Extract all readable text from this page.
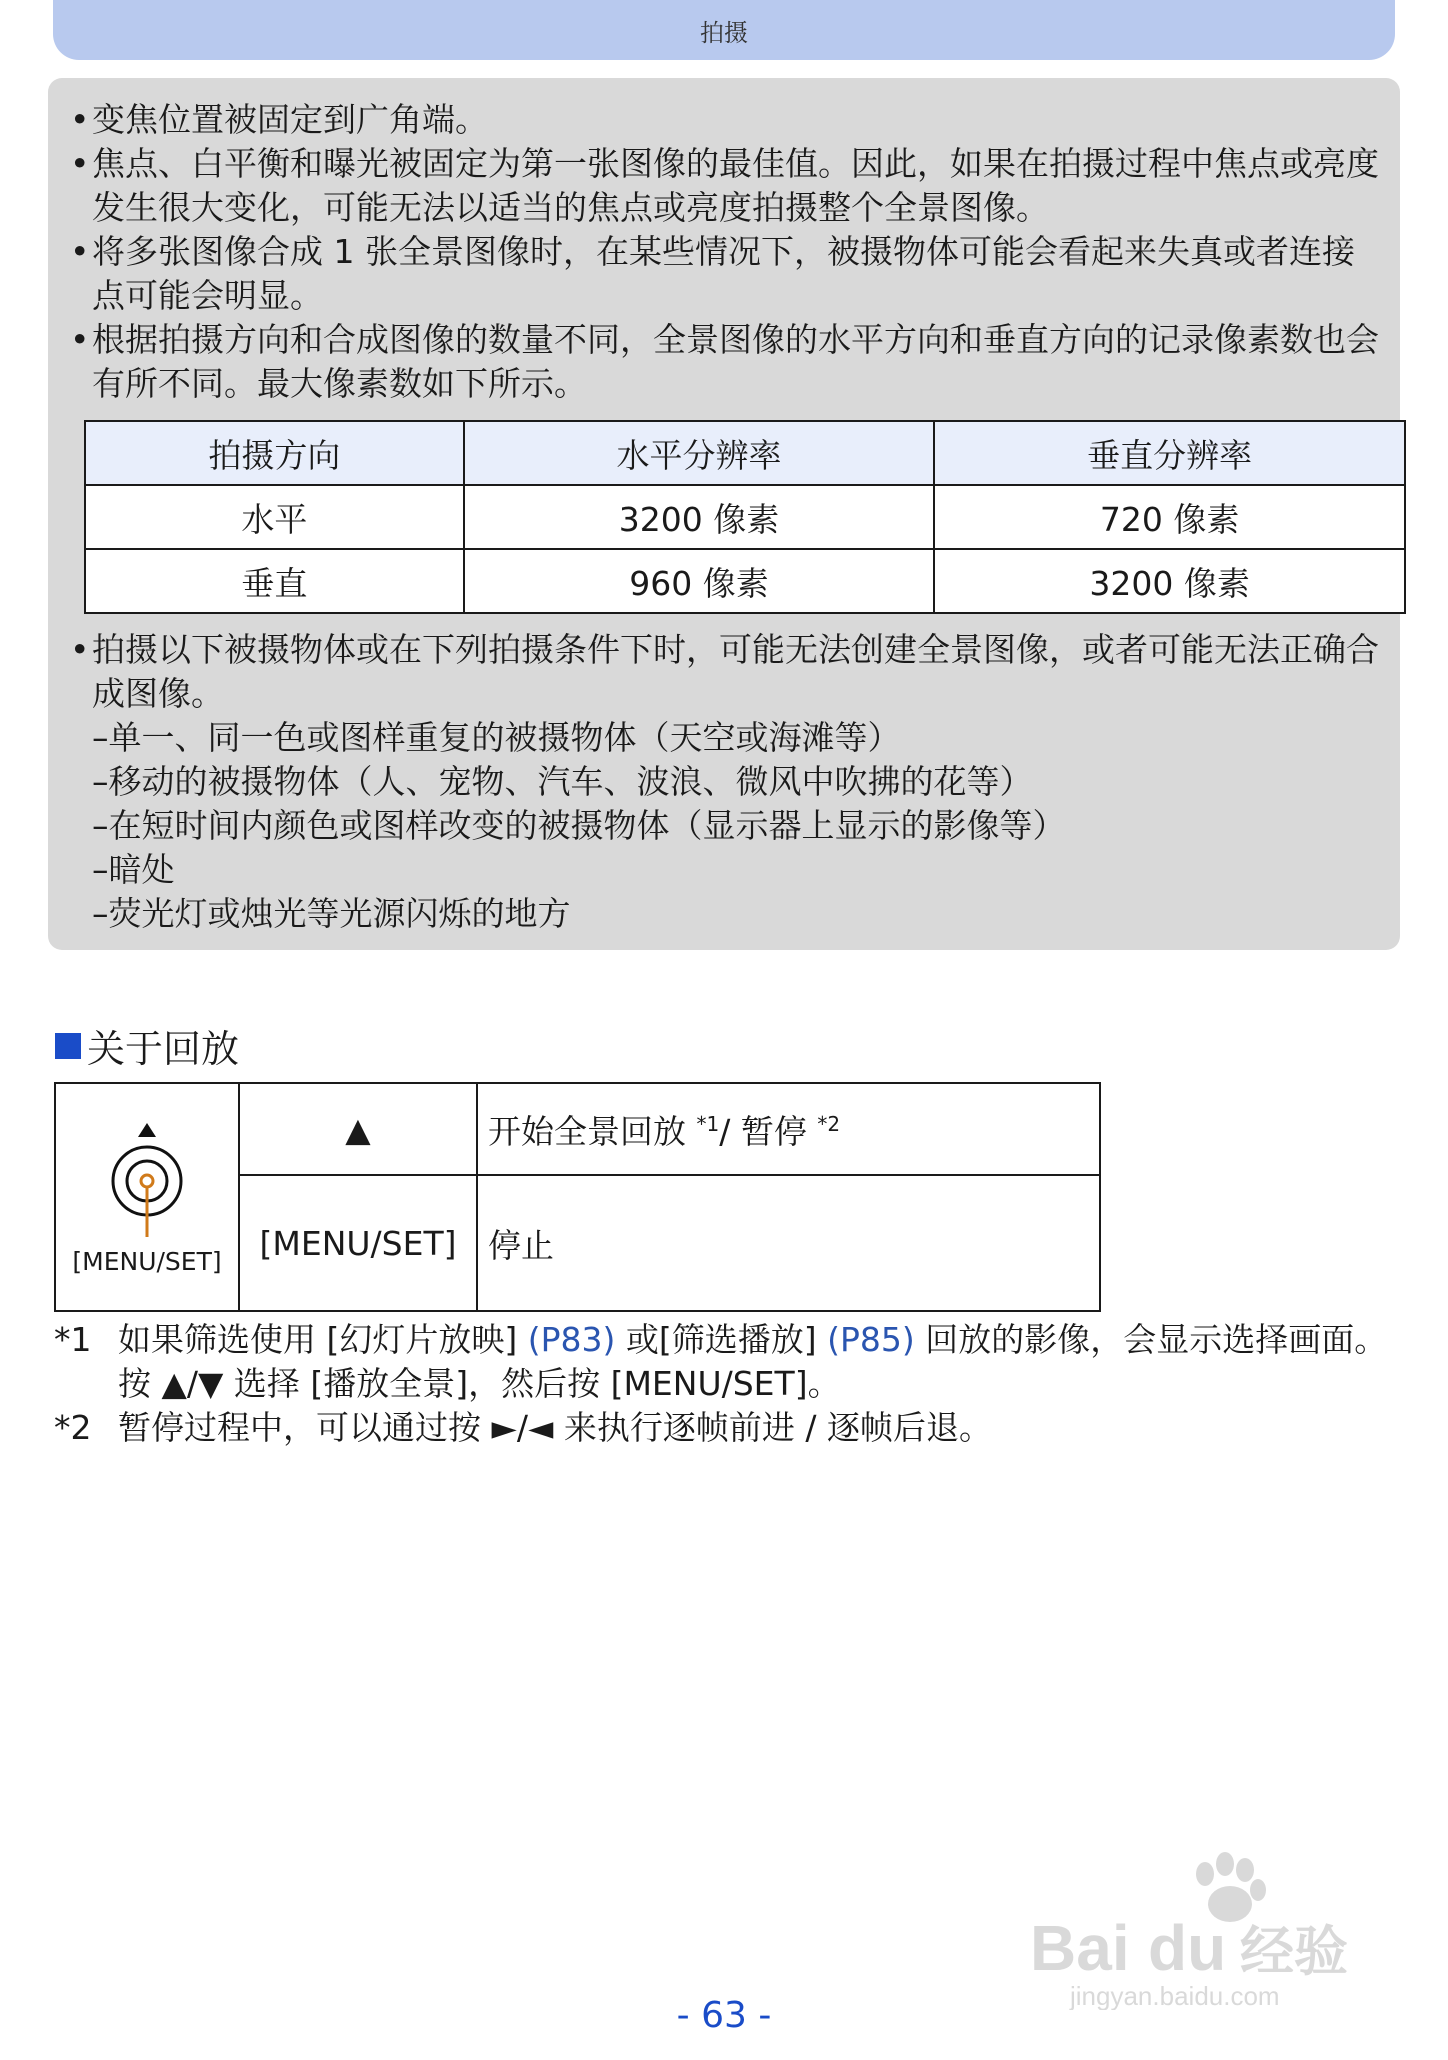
拍摄
• 变焦位置被固定到广角端。
• 焦点、白平衡和曝光被固定为第一张图像的最佳值。因此，如果在拍摄过程中焦点或亮度发生很大变化，可能无法以适当的焦点或亮度拍摄整个全景图像。
• 将多张图像合成 1 张全景图像时，在某些情况下，被摄物体可能会看起来失真或者连接点可能会明显。
• 根据拍摄方向和合成图像的数量不同，全景图像的水平方向和垂直方向的记录像素数也会有所不同。最大像素数如下所示。
拍摄方向	水平分辨率	垂直分辨率
水平	3200 像素	720 像素
垂直	960 像素	3200 像素
• 拍摄以下被摄物体或在下列拍摄条件下时，可能无法创建全景图像，或者可能无法正确合成图像。
–单一、同一色或图样重复的被摄物体（天空或海滩等）
–移动的被摄物体（人、宠物、汽车、波浪、微风中吹拂的花等）
–在短时间内颜色或图样改变的被摄物体（显示器上显示的影像等）
–暗处
–荧光灯或烛光等光源闪烁的地方
关于回放
[MENU/SET]	▲	开始全景回放 $^{*1}$/ 暂停 $^{*2}$
	[MENU/SET]	停止
*1 如果筛选使用 [幻灯片放映] (P83) 或[筛选播放] (P85) 回放的影像，会显示选择画面。按 ▲/▼ 选择 [播放全景]，然后按 [MENU/SET]。
*2 暂停过程中，可以通过按 ►/◄ 来执行逐帧前进 / 逐帧后退。
Bai du 经验
jingyan.baidu.com
- 63 -
